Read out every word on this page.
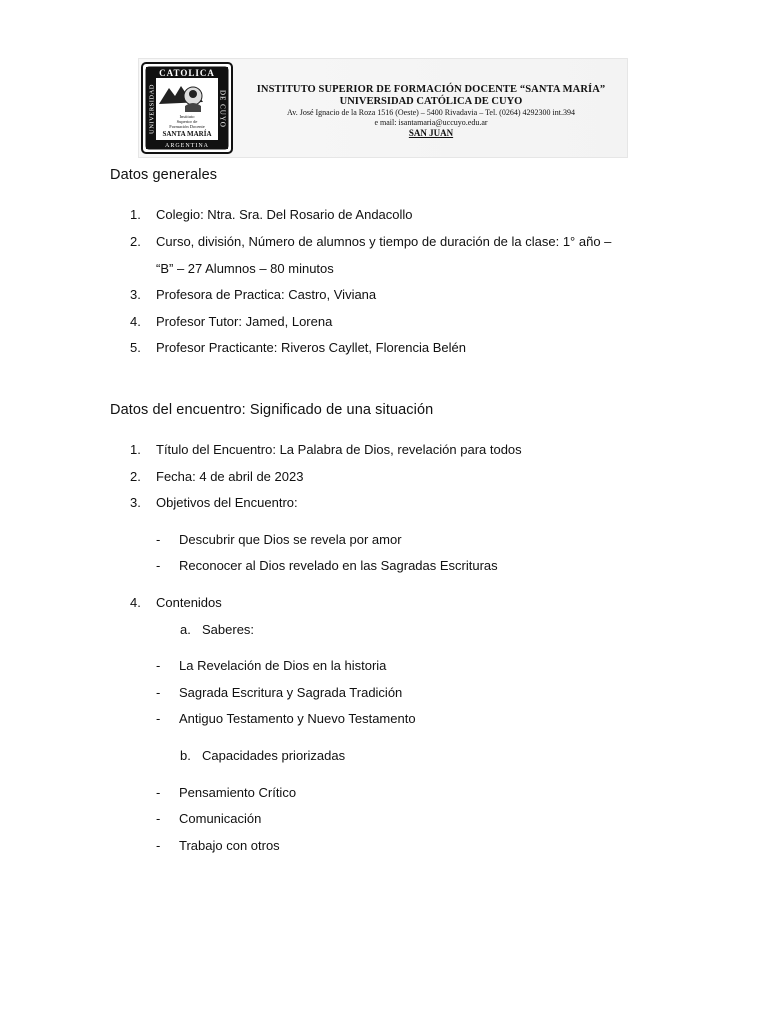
CATOLICA
ARGENTINA
UNIVERSIDAD	DE CUYO
Instituto
Superior de
Formación Docente
SANTA MARÍA
INSTITUTO SUPERIOR DE FORMACIÓN DOCENTE “SANTA MARÍA”
UNIVERSIDAD CATÓLICA DE CUYO
Av. José Ignacio de la Roza 1516 (Oeste) – 5400 Rivadavia – Tel. (0264) 4292300 int.394
e mail: isantamaria@uccuyo.edu.ar
SAN JUAN
Datos generales
1.	Colegio: Ntra. Sra. Del Rosario de Andacollo
2.	Curso, división, Número de alumnos y tiempo de duración de la clase: 1° año –
“B” – 27 Alumnos – 80 minutos
3.	Profesora de Practica: Castro, Viviana
4.	Profesor Tutor: Jamed, Lorena
5.	Profesor Practicante: Riveros Cayllet, Florencia Belén
Datos del encuentro: Significado de una situación
1.	Título del Encuentro: La Palabra de Dios, revelación para todos
2.	Fecha: 4 de abril de 2023
3.	Objetivos del Encuentro:
- Descubrir que Dios se revela por amor
- Reconocer al Dios revelado en las Sagradas Escrituras
4.	Contenidos
a. Saberes:
- La Revelación de Dios en la historia
- Sagrada Escritura y Sagrada Tradición
- Antiguo Testamento y Nuevo Testamento
b. Capacidades priorizadas
- Pensamiento Crítico
- Comunicación
- Trabajo con otros
